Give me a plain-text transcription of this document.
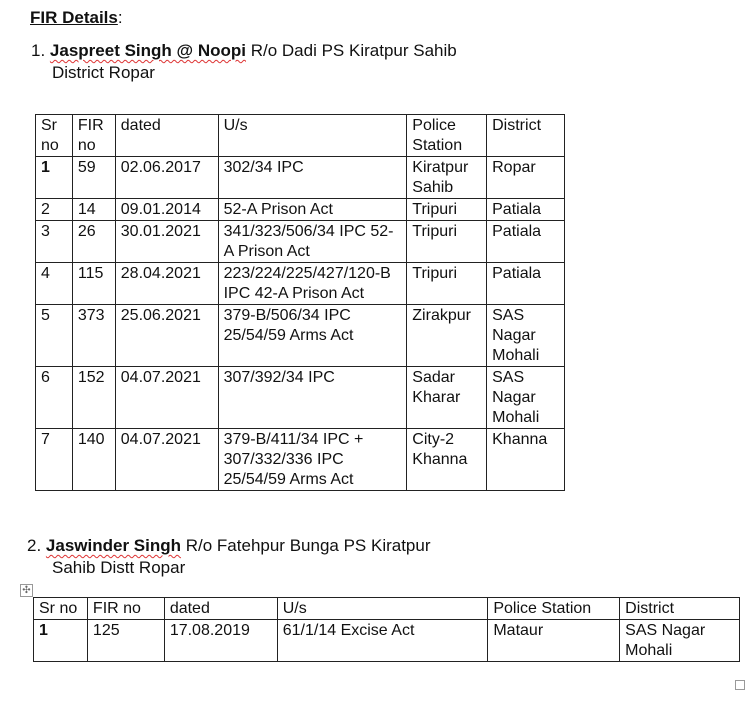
FIR Details:
1. Jaspreet Singh @ Noopi R/o Dadi PS Kiratpur Sahib
District Ropar
Sr no	FIR no	dated	U/s	Police Station	District
1	59	02.06.2017	302/34 IPC	Kiratpur Sahib	Ropar
2	14	09.01.2014	52-A Prison Act	Tripuri	Patiala
3	26	30.01.2021	341/323/506/34 IPC 52-A Prison Act	Tripuri	Patiala
4	115	28.04.2021	223/224/225/427/120-B IPC 42-A Prison Act	Tripuri	Patiala
5	373	25.06.2021	379-B/506/34 IPC 25/54/59 Arms Act	Zirakpur	SAS Nagar Mohali
6	152	04.07.2021	307/392/34 IPC	Sadar Kharar	SAS Nagar Mohali
7	140	04.07.2021	379-B/411/34 IPC + 307/332/336 IPC 25/54/59 Arms Act	City-2 Khanna	Khanna
2. Jaswinder Singh R/o Fatehpur Bunga PS Kiratpur
Sahib Distt Ropar
✣
Sr no	FIR no	dated	U/s	Police Station	District
1	125	17.08.2019	61/1/14 Excise Act	Mataur	SAS Nagar Mohali
